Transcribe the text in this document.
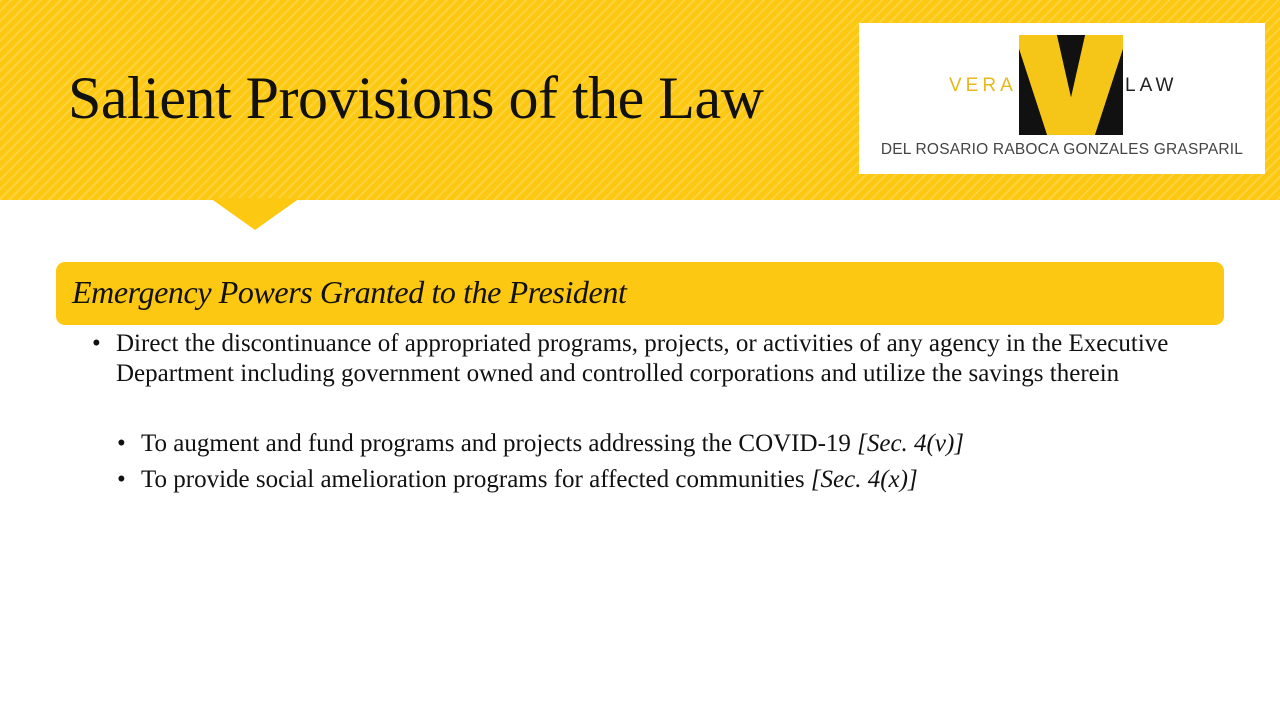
Salient Provisions of the Law	VERA	LAW
DEL ROSARIO RABOCA GONZALES GRASPARIL
Emergency Powers Granted to the President

• Direct the discontinuance of appropriated programs, projects, or activities of any agency in the Executive Department including government owned and controlled corporations and utilize the savings therein

• To augment and fund programs and projects addressing the COVID-19 [Sec. 4(v)]

• To provide social amelioration programs for affected communities [Sec. 4(x)]
